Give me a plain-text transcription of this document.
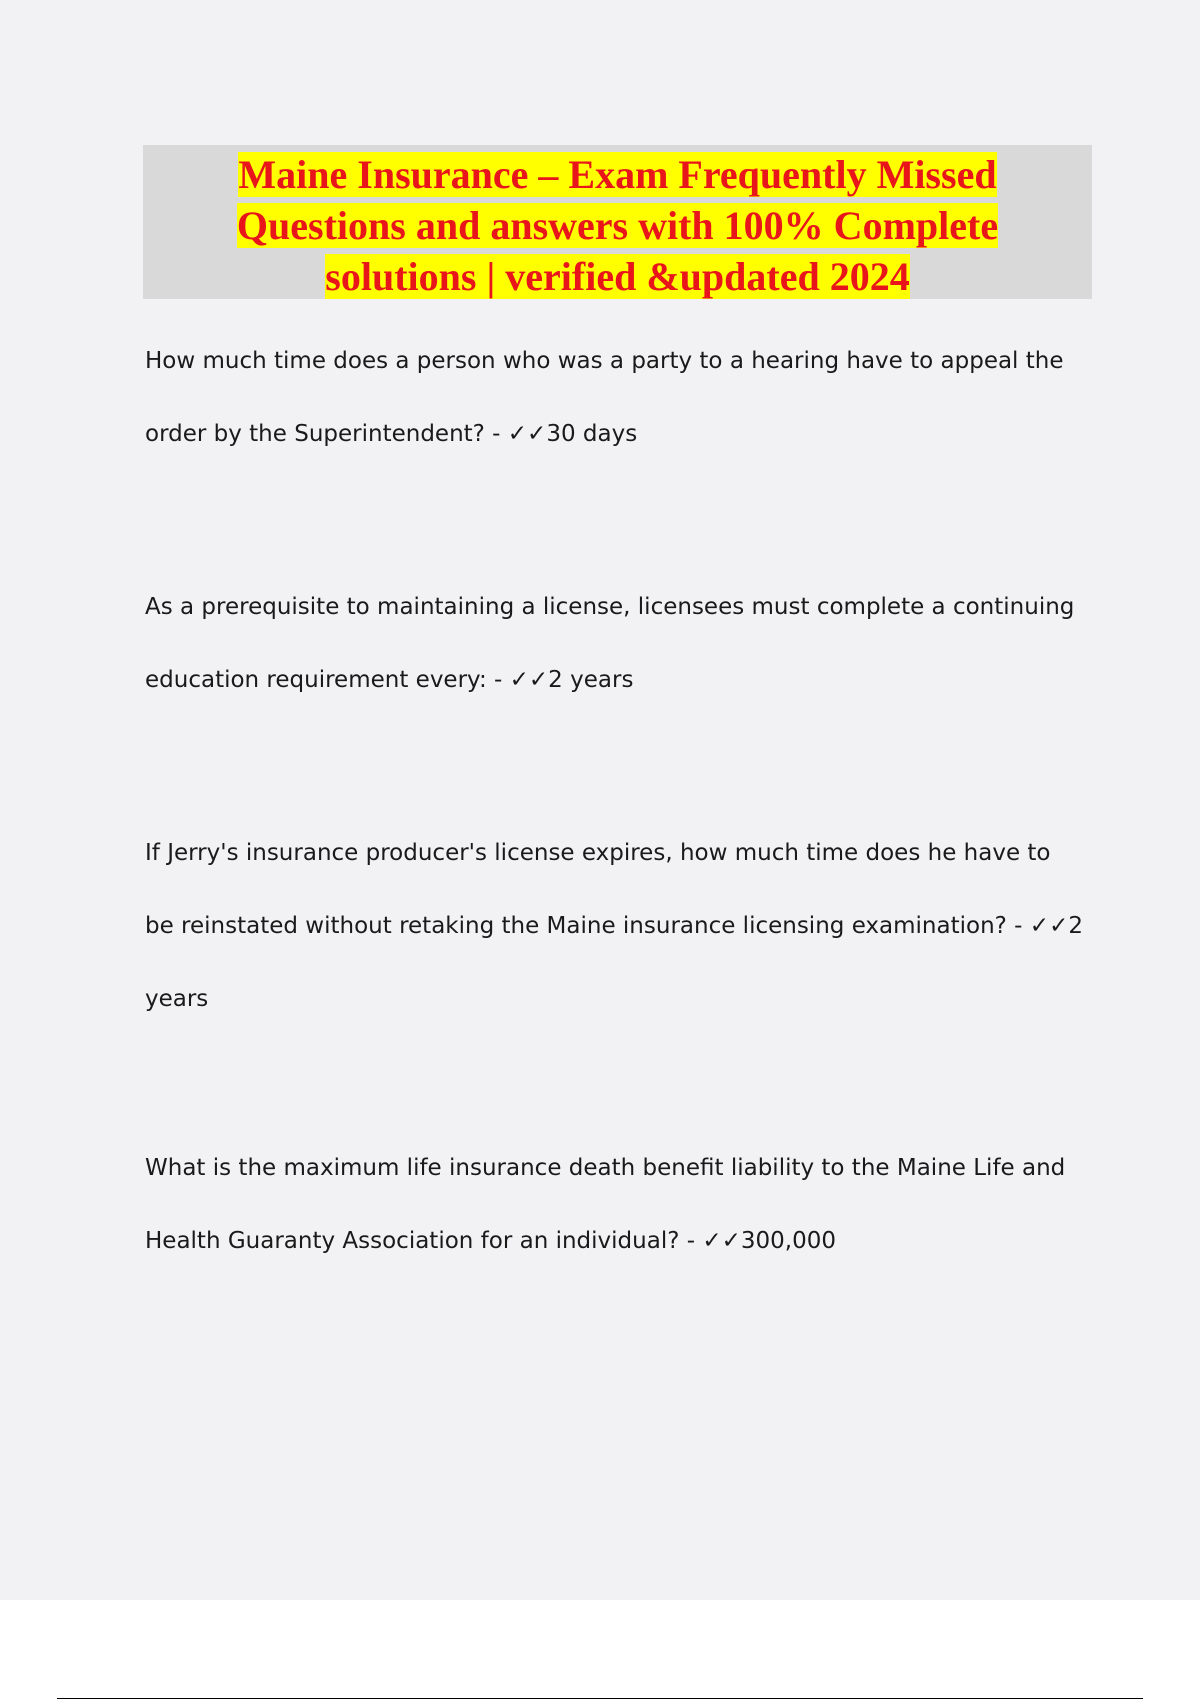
Maine Insurance – Exam Frequently Missed Questions and answers with 100% Complete solutions | verified &updated 2024

How much time does a person who was a party to a hearing have to appeal the order by the Superintendent? - ✓✓30 days

As a prerequisite to maintaining a license, licensees must complete a continuing education requirement every: - ✓✓2 years

If Jerry's insurance producer's license expires, how much time does he have to be reinstated without retaking the Maine insurance licensing examination? - ✓✓2 years

What is the maximum life insurance death benefit liability to the Maine Life and Health Guaranty Association for an individual? - ✓✓300,000
